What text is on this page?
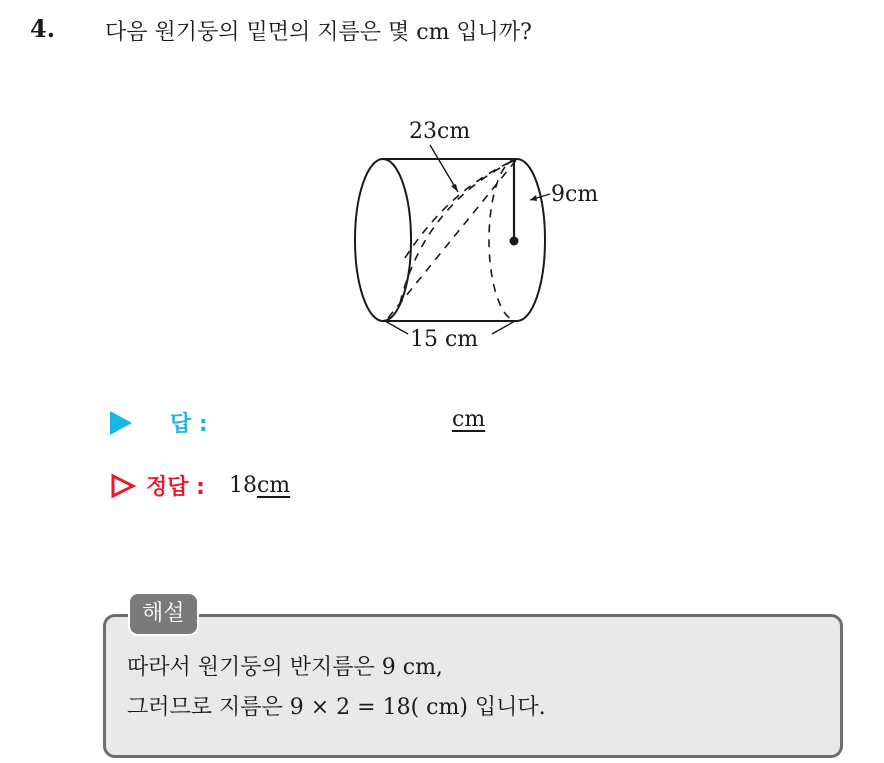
4. 다음 원기둥의 밑면의 지름은 몇 cm 입니까?
23cm
9cm
15 cm
답 :	cm
정답 : 18cm
해설
따라서 원기둥의 반지름은 9 cm,
그러므로 지름은 9 × 2 = 18( cm) 입니다.
